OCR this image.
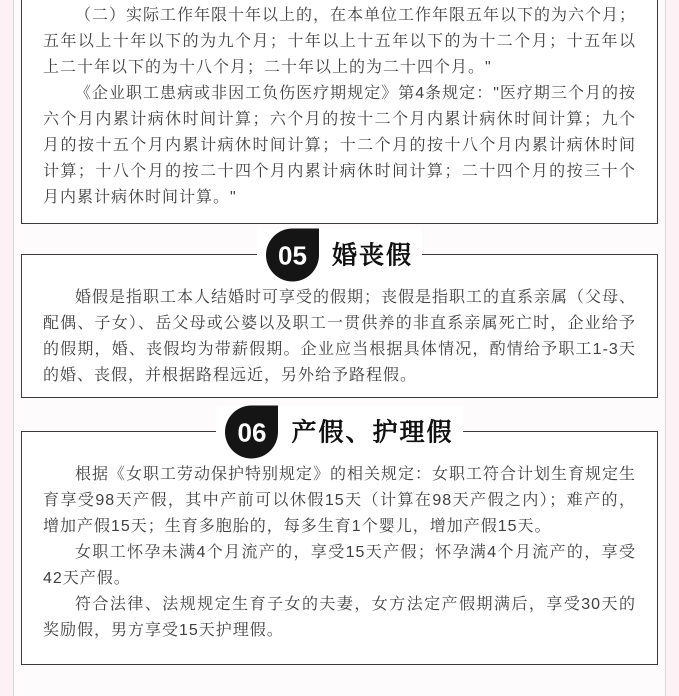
（二）实际工作年限十年以上的，在本单位工作年限五年以下的为六个月；五年以上十年以下的为九个月；十年以上十五年以下的为十二个月；十五年以上二十年以下的为十八个月；二十年以上的为二十四个月。"

《企业职工患病或非因工负伤医疗期规定》第4条规定："医疗期三个月的按六个月内累计病休时间计算；六个月的按十二个月内累计病休时间计算；九个月的按十五个月内累计病休时间计算；十二个月的按十八个月内累计病休时间计算；十八个月的按二十四个月内累计病休时间计算；二十四个月的按三十个月内累计病休时间计算。"

05	婚丧假

婚假是指职工本人结婚时可享受的假期；丧假是指职工的直系亲属（父母、配偶、子女）、岳父母或公婆以及职工一贯供养的非直系亲属死亡时，企业给予的假期，婚、丧假均为带薪假期。企业应当根据具体情况，酌情给予职工1-3天的婚、丧假，并根据路程远近，另外给予路程假。

06	产假、护理假

根据《女职工劳动保护特别规定》的相关规定：女职工符合计划生育规定生育享受98天产假，其中产前可以休假15天（计算在98天产假之内）；难产的，增加产假15天；生育多胞胎的，每多生育1个婴儿，增加产假15天。

女职工怀孕未满4个月流产的，享受15天产假；怀孕满4个月流产的，享受42天产假。

符合法律、法规规定生育子女的夫妻，女方法定产假期满后，享受30天的奖励假，男方享受15天护理假。
